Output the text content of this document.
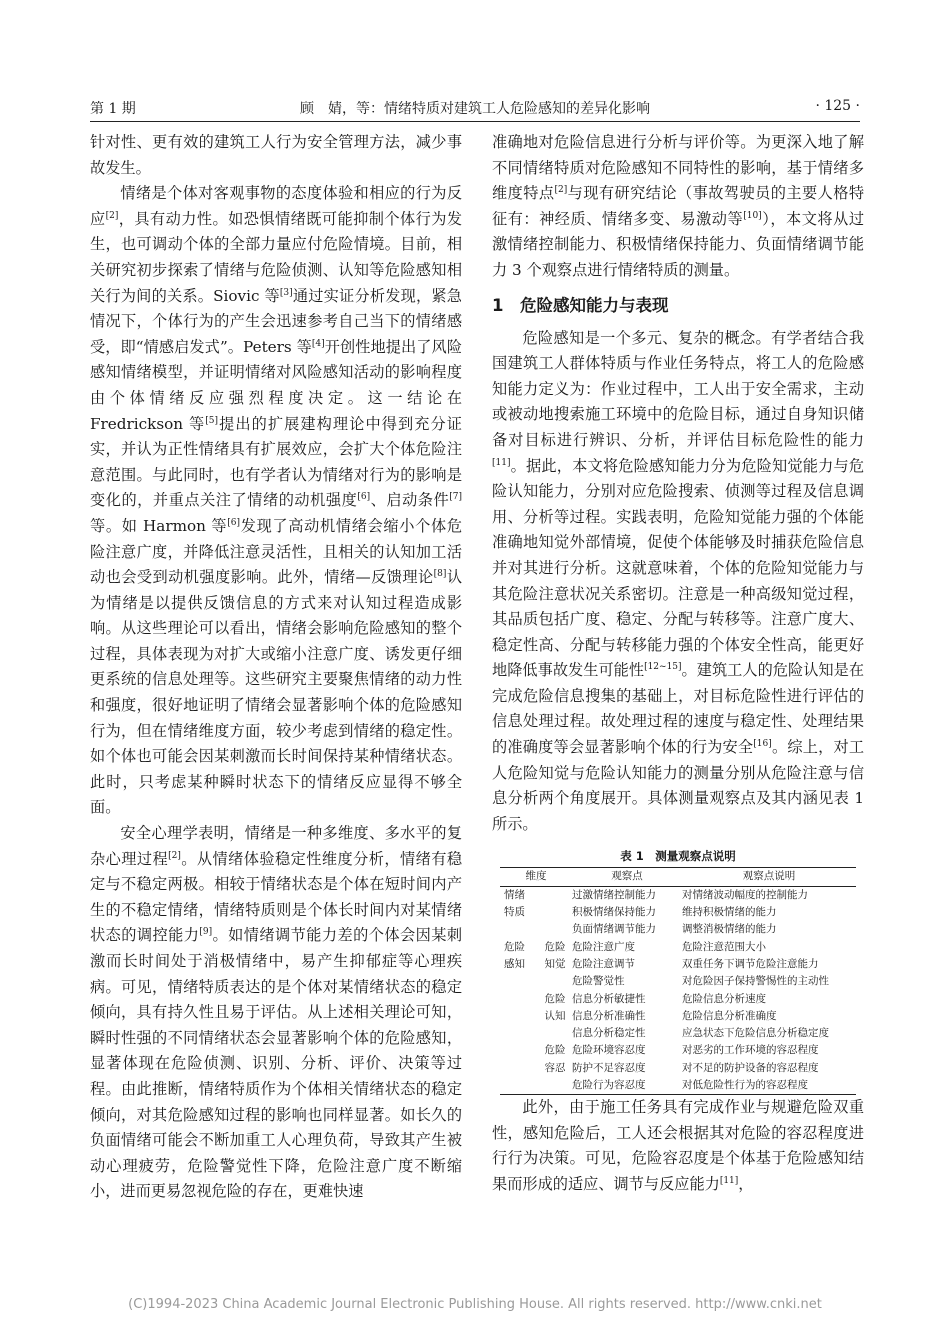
第 1 期	顾　婧，等：情绪特质对建筑工人危险感知的差异化影响	· 125 ·

针对性、更有效的建筑工人行为安全管理方法，减少事故发生。

情绪是个体对客观事物的态度体验和相应的行为反应[2]，具有动力性。如恐惧情绪既可能抑制个体行为发生，也可调动个体的全部力量应付危险情境。目前，相关研究初步探索了情绪与危险侦测、认知等危险感知相关行为间的关系。Siovic 等[3]通过实证分析发现，紧急情况下，个体行为的产生会迅速参考自己当下的情绪感受，即“情感启发式”。Peters 等[4]开创性地提出了风险感知情绪模型，并证明情绪对风险感知活动的影响程度由个体情绪反应强烈程度决定。这一结论在 Fredrickson 等[5]提出的扩展建构理论中得到充分证实，并认为正性情绪具有扩展效应，会扩大个体危险注意范围。与此同时，也有学者认为情绪对行为的影响是变化的，并重点关注了情绪的动机强度[6]、启动条件[7]等。如 Harmon 等[6]发现了高动机情绪会缩小个体危险注意广度，并降低注意灵活性，且相关的认知加工活动也会受到动机强度影响。此外，情绪—反馈理论[8]认为情绪是以提供反馈信息的方式来对认知过程造成影响。从这些理论可以看出，情绪会影响危险感知的整个过程，具体表现为对扩大或缩小注意广度、诱发更仔细更系统的信息处理等。这些研究主要聚焦情绪的动力性和强度，很好地证明了情绪会显著影响个体的危险感知行为，但在情绪维度方面，较少考虑到情绪的稳定性。如个体也可能会因某刺激而长时间保持某种情绪状态。此时，只考虑某种瞬时状态下的情绪反应显得不够全面。

安全心理学表明，情绪是一种多维度、多水平的复杂心理过程[2]。从情绪体验稳定性维度分析，情绪有稳定与不稳定两极。相较于情绪状态是个体在短时间内产生的不稳定情绪，情绪特质则是个体长时间内对某情绪状态的调控能力[9]。如情绪调节能力差的个体会因某刺激而长时间处于消极情绪中，易产生抑郁症等心理疾病。可见，情绪特质表达的是个体对某情绪状态的稳定倾向，具有持久性且易于评估。从上述相关理论可知，瞬时性强的不同情绪状态会显著影响个体的危险感知，显著体现在危险侦测、识别、分析、评价、决策等过程。由此推断，情绪特质作为个体相关情绪状态的稳定倾向，对其危险感知过程的影响也同样显著。如长久的负面情绪可能会不断加重工人心理负荷，导致其产生被动心理疲劳，危险警觉性下降，危险注意广度不断缩小，进而更易忽视危险的存在，更难快速

准确地对危险信息进行分析与评价等。为更深入地了解不同情绪特质对危险感知不同特性的影响，基于情绪多维度特点[2]与现有研究结论（事故驾驶员的主要人格特征有：神经质、情绪多变、易激动等[10]），本文将从过激情绪控制能力、积极情绪保持能力、负面情绪调节能力 3 个观察点进行情绪特质的测量。

1 危险感知能力与表现

危险感知是一个多元、复杂的概念。有学者结合我国建筑工人群体特质与作业任务特点，将工人的危险感知能力定义为：作业过程中，工人出于安全需求，主动或被动地搜索施工环境中的危险目标，通过自身知识储备对目标进行辨识、分析，并评估目标危险性的能力[11]。据此，本文将危险感知能力分为危险知觉能力与危险认知能力，分别对应危险搜索、侦测等过程及信息调用、分析等过程。实践表明，危险知觉能力强的个体能准确地知觉外部情境，促使个体能够及时捕获危险信息并对其进行分析。这就意味着，个体的危险知觉能力与其危险注意状况关系密切。注意是一种高级知觉过程，其品质包括广度、稳定、分配与转移等。注意广度大、稳定性高、分配与转移能力强的个体安全性高，能更好地降低事故发生可能性[12~15]。建筑工人的危险认知是在完成危险信息搜集的基础上，对目标危险性进行评估的信息处理过程。故处理过程的速度与稳定性、处理结果的准确度等会显著影响个体的行为安全[16]。综上，对工人危险知觉与危险认知能力的测量分别从危险注意与信息分析两个角度展开。具体测量观察点及其内涵见表 1 所示。

表 1　测量观察点说明
维度		观察点	观察点说明
情绪		过激情绪控制能力	对情绪波动幅度的控制能力
特质		积极情绪保持能力	维持积极情绪的能力
		负面情绪调节能力	调整消极情绪的能力
危险	危险	危险注意广度	危险注意范围大小
感知	知觉	危险注意调节	双重任务下调节危险注意能力
		危险警觉性	对危险因子保持警惕性的主动性
	危险	信息分析敏捷性	危险信息分析速度
	认知	信息分析准确性	危险信息分析准确度
		信息分析稳定性	应急状态下危险信息分析稳定度
	危险	危险环境容忍度	对恶劣的工作环境的容忍程度
	容忍	防护不足容忍度	对不足的防护设备的容忍程度
		危险行为容忍度	对低危险性行为的容忍程度

此外，由于施工任务具有完成作业与规避危险双重性，感知危险后，工人还会根据其对危险的容忍程度进行行为决策。可见，危险容忍度是个体基于危险感知结果而形成的适应、调节与反应能力[11]，

(C)1994-2023 China Academic Journal Electronic Publishing House. All rights reserved. http://www.cnki.net
